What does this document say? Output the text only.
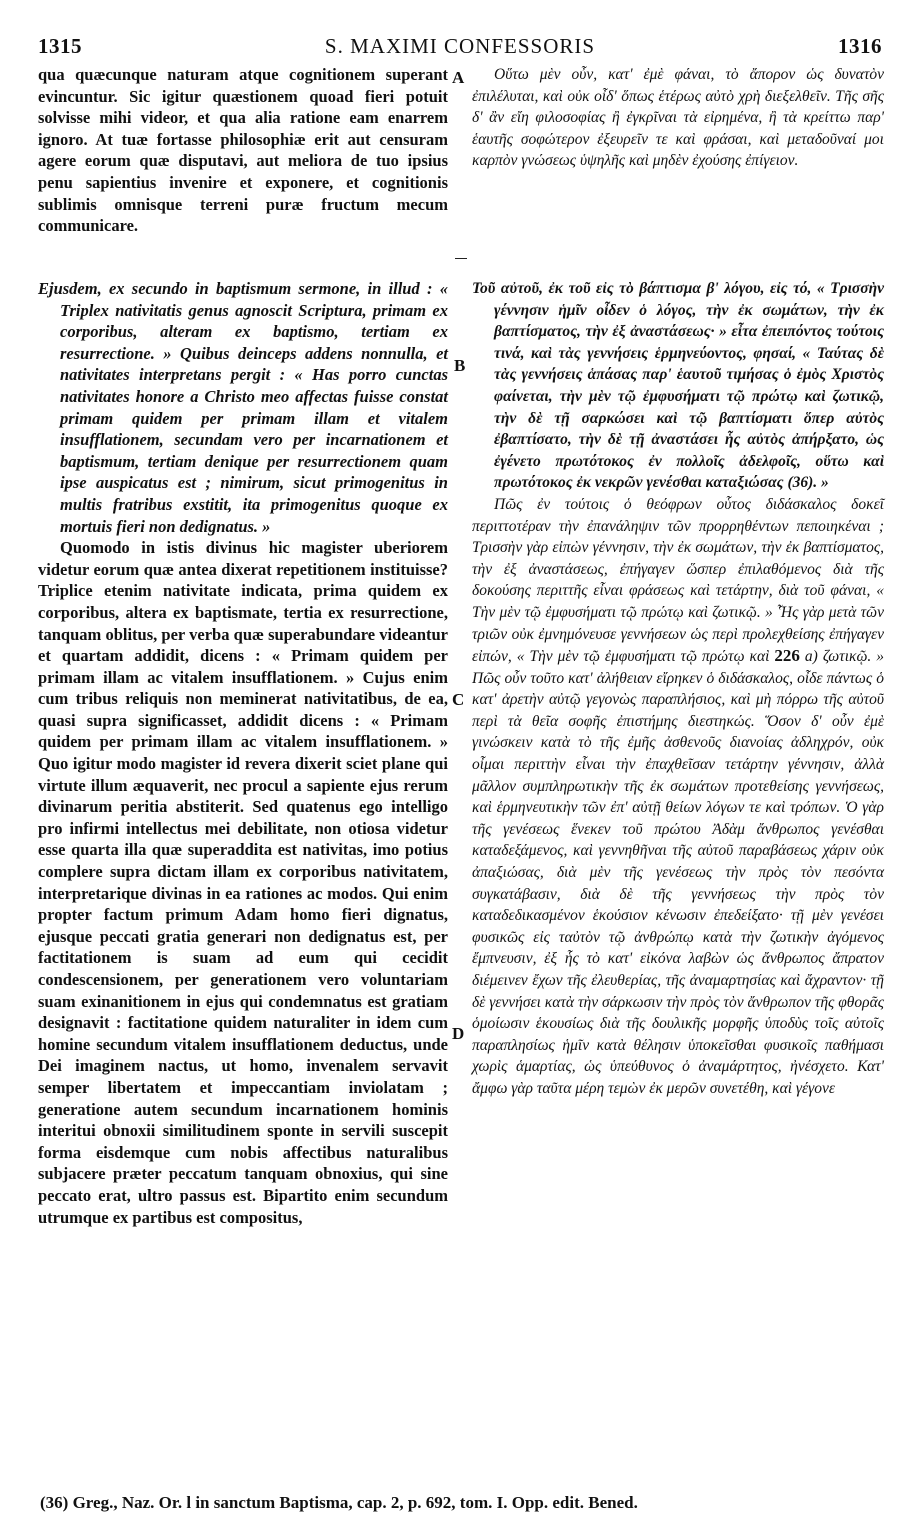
1315	S. MAXIMI CONFESSORIS	1316
A
B
C
D

qua quæcunque naturam atque cognitionem superant evincuntur. Sic igitur quæstionem quoad fieri potuit solvisse mihi videor, et qua alia ratione eam enarrem ignoro. At tuæ fortasse philosophiæ erit aut censuram agere eorum quæ disputavi, aut meliora de tuo ipsius penu sapientius invenire et exponere, et cognitionis sublimis omnisque terreni puræ fructum mecum communicare.

Ejusdem, ex secundo in baptismum sermone, in illud : « Triplex nativitatis genus agnoscit Scriptura, primam ex corporibus, alteram ex baptismo, tertiam ex resurrectione. » Quibus deinceps addens nonnulla, et nativitates interpretans pergit : « Has porro cunctas nativitates honore a Christo meo affectas fuisse constat primam quidem per primam illam et vitalem insufflationem, secundam vero per incarnationem et baptismum, tertiam denique per resurrectionem quam ipse auspicatus est ; nimirum, sicut primogenitus in multis fratribus exstitit, ita primogenitus quoque ex mortuis fieri non dedignatus. »

Quomodo in istis divinus hic magister uberiorem videtur eorum quæ antea dixerat repetitionem instituisse? Triplice etenim nativitate indicata, prima quidem ex corporibus, altera ex baptismate, tertia ex resurrectione, tanquam oblitus, per verba quæ superabundare videantur et quartam addidit, dicens : « Primam quidem per primam illam ac vitalem insufflationem. » Cujus enim cum tribus reliquis non meminerat nativitatibus, de ea, quasi supra significasset, addidit dicens : « Primam quidem per primam illam ac vitalem insufflationem. » Quo igitur modo magister id revera dixerit sciet plane qui virtute illum æquaverit, nec procul a sapiente ejus rerum divinarum peritia abstiterit. Sed quatenus ego intelligo pro infirmi intellectus mei debilitate, non otiosa videtur esse quarta illa quæ superaddita est nativitas, imo potius complere supra dictam illam ex corporibus nativitatem, interpretarique divinas in ea rationes ac modos. Qui enim propter factum primum Adam homo fieri dignatus, ejusque peccati gratia generari non dedignatus est, per factitationem is suam ad eum qui cecidit condescensionem, per generationem vero voluntariam suam exinanitionem in ejus qui condemnatus est gratiam designavit : factitatione quidem naturaliter in idem cum homine secundum vitalem insufflationem deductus, unde Dei imaginem nactus, ut homo, invenalem servavit semper libertatem et impeccantiam inviolatam ; generatione autem secundum incarnationem hominis interitui obnoxii similitudinem sponte in servili suscepit forma eisdemque cum nobis affectibus naturalibus subjacere præter peccatum tanquam obnoxius, qui sine peccato erat, ultro passus est. Bipartito enim secundum utrumque ex partibus est compositus,

Οὕτω μὲν οὖν, κατ' ἐμὲ φάναι, τὸ ἄπορον ὡς δυνατὸν ἐπιλέλυται, καὶ οὐκ οἶδ' ὅπως ἑτέρως αὐτὸ χρὴ διεξελθεῖν. Τῆς σῆς δ' ἂν εἴη φιλοσοφίας ἢ ἐγκρῖναι τὰ εἰρημένα, ἢ τὰ κρείττω παρ' ἑαυτῆς σοφώτερον ἐξευρεῖν τε καὶ φράσαι, καὶ μεταδοῦναί μοι καρπὸν γνώσεως ὑψηλῆς καὶ μηδὲν ἐχούσης ἐπίγειον.

Τοῦ αὐτοῦ, ἐκ τοῦ εἰς τὸ βάπτισμα β' λόγου, εἰς τό, « Τρισσὴν γέννησιν ἡμῖν οἶδεν ὁ λόγος, τὴν ἐκ σωμάτων, τὴν ἐκ βαπτίσματος, τὴν ἐξ ἀναστάσεως· » εἶτα ἐπειπόντος τούτοις τινά, καὶ τὰς γεννήσεις ἑρμηνεύοντος, φησαί, « Ταύτας δὲ τὰς γεννήσεις ἁπάσας παρ' ἑαυτοῦ τιμήσας ὁ ἐμὸς Χριστὸς φαίνεται, τὴν μὲν τῷ ἐμφυσήματι τῷ πρώτῳ καὶ ζωτικῷ, τὴν δὲ τῇ σαρκώσει καὶ τῷ βαπτίσματι ὅπερ αὐτὸς ἐβαπτίσατο, τὴν δὲ τῇ ἀναστάσει ἧς αὐτὸς ἀπήρξατο, ὡς ἐγένετο πρωτότοκος ἐν πολλοῖς ἀδελφοῖς, οὕτω καὶ πρωτότοκος ἐκ νεκρῶν γενέσθαι καταξιώσας (36). »

Πῶς ἐν τούτοις ὁ θεόφρων οὗτος διδάσκαλος δοκεῖ περιττοτέραν τὴν ἐπανάληψιν τῶν προρρηθέντων πεποιηκέναι ; Τρισσὴν γὰρ εἰπὼν γέννησιν, τὴν ἐκ σωμάτων, τὴν ἐκ βαπτίσματος, τὴν ἐξ ἀναστάσεως, ἐπήγαγεν ὥσπερ ἐπιλαθόμενος διὰ τῆς δοκούσης περιττῆς εἶναι φράσεως καὶ τετάρτην, διὰ τοῦ φάναι, « Τὴν μὲν τῷ ἐμφυσήματι τῷ πρώτῳ καὶ ζωτικῷ. » Ἧς γὰρ μετὰ τῶν τριῶν οὐκ ἐμνημόνευσε γεννήσεων ὡς περὶ προλεχθείσης ἐπήγαγεν εἰπών, « Τὴν μὲν τῷ ἐμφυσήματι τῷ πρώτῳ καὶ 226 a) ζωτικῷ. » Πῶς οὖν τοῦτο κατ' ἀλήθειαν εἴρηκεν ὁ διδάσκαλος, οἶδε πάντως ὁ κατ' ἀρετὴν αὐτῷ γεγονὼς παραπλήσιος, καὶ μὴ πόρρω τῆς αὐτοῦ περὶ τὰ θεῖα σοφῆς ἐπιστήμης διεστηκώς. Ὅσον δ' οὖν ἐμὲ γινώσκειν κατὰ τὸ τῆς ἐμῆς ἀσθενοῦς διανοίας ἀδληχρόν, οὐκ οἶμαι περιττὴν εἶναι τὴν ἐπαχθεῖσαν τετάρτην γέννησιν, ἀλλὰ μᾶλλον συμπληρωτικὴν τῆς ἐκ σωμάτων προτεθείσης γεννήσεως, καὶ ἑρμηνευτικὴν τῶν ἐπ' αὐτῇ θείων λόγων τε καὶ τρόπων. Ὁ γὰρ τῆς γενέσεως ἕνεκεν τοῦ πρώτου Ἀδὰμ ἄνθρωπος γενέσθαι καταδεξάμενος, καὶ γεννηθῆναι τῆς αὐτοῦ παραβάσεως χάριν οὐκ ἀπαξιώσας, διὰ μὲν τῆς γενέσεως τὴν πρὸς τὸν πεσόντα συγκατάβασιν, διὰ δὲ τῆς γεννήσεως τὴν πρὸς τὸν καταδεδικασμένον ἑκούσιον κένωσιν ἐπεδείξατο· τῇ μὲν γενέσει φυσικῶς εἰς ταὐτὸν τῷ ἀνθρώπῳ κατὰ τὴν ζωτικὴν ἀγόμενος ἔμπνευσιν, ἐξ ἧς τὸ κατ' εἰκόνα λαβὼν ὡς ἄνθρωπος ἄπρατον διέμεινεν ἔχων τῆς ἐλευθερίας, τῆς ἀναμαρτησίας καὶ ἄχραντον· τῇ δὲ γεννήσει κατὰ τὴν σάρκωσιν τὴν πρὸς τὸν ἄνθρωπον τῆς φθορᾶς ὁμοίωσιν ἑκουσίως διὰ τῆς δουλικῆς μορφῆς ὑποδὺς τοῖς αὐτοῖς παραπλησίως ἡμῖν κατὰ θέλησιν ὑποκεῖσθαι φυσικοῖς παθήμασι χωρὶς ἁμαρτίας, ὡς ὑπεύθυνος ὁ ἀναμάρτητος, ἠνέσχετο. Κατ' ἄμφω γὰρ ταῦτα μέρη τεμὼν ἐκ μερῶν συνετέθη, καὶ γέγονε

(36) Greg., Naz. Or. l in sanctum Baptisma, cap. 2, p. 692, tom. I. Opp. edit. Bened.
